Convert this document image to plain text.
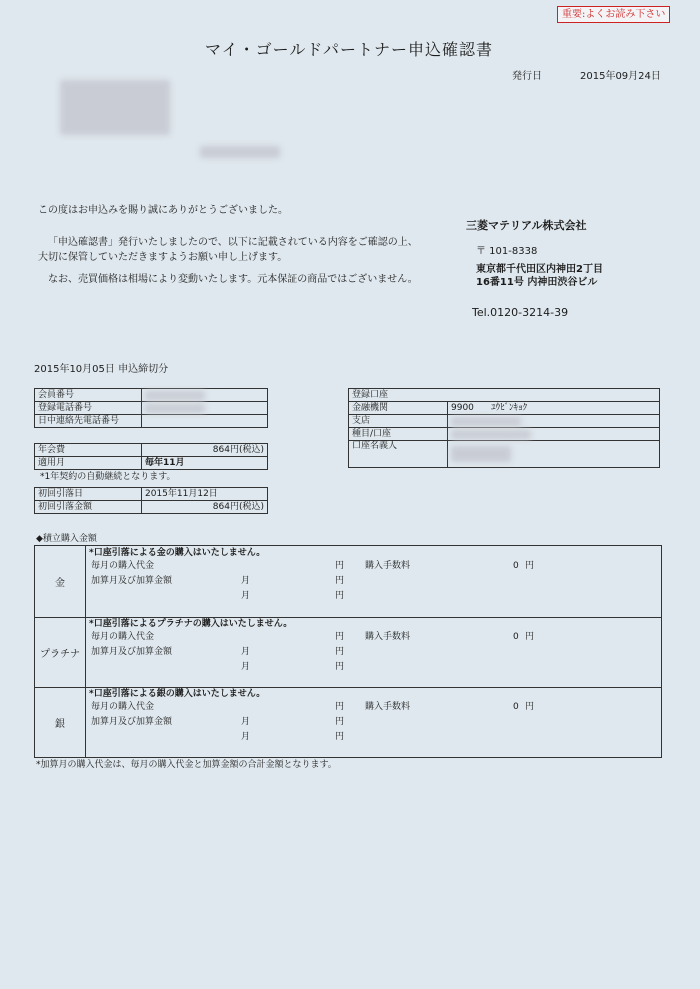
重要:よくお読み下さい
マイ・ゴールドパートナー申込確認書
発行日	2015年09月24日
この度はお申込みを賜り誠にありがとうございました。
「申込確認書」発行いたしましたので、以下に記載されている内容をご確認の上、
大切に保管していただきますようお願い申し上げます。
なお、売買価格は相場により変動いたします。元本保証の商品ではございません。
三菱マテリアル株式会社
〒 101-8338
東京都千代田区内神田2丁目
16番11号 内神田渋谷ビル
Tel.0120-3214-39
2015年10月05日 申込締切分
会員番号	

登録電話番号	

日中連絡先電話番号	
年会費	864円(税込)
適用月	毎年11月
*1年契約の自動継続となります。
初回引落日	2015年11月12日
初回引落金額	864円(税込)
登録口座	
金融機関	9900 ﾕｳﾋﾞﾝｷｮｸ
支店	

種目/口座	

口座名義人	
◆積立購入金額
金
*口座引落による金の購入はいたしません。
毎月の購入代金	円 購入手数料	0 円
加算月及び加算金額	月	円
月	円
プラチナ
*口座引落によるプラチナの購入はいたしません。
毎月の購入代金	円 購入手数料	0 円
加算月及び加算金額	月	円
月	円
銀
*口座引落による銀の購入はいたしません。
毎月の購入代金	円 購入手数料	0 円
加算月及び加算金額	月	円
月	円
*加算月の購入代金は、毎月の購入代金と加算金額の合計金額となります。
